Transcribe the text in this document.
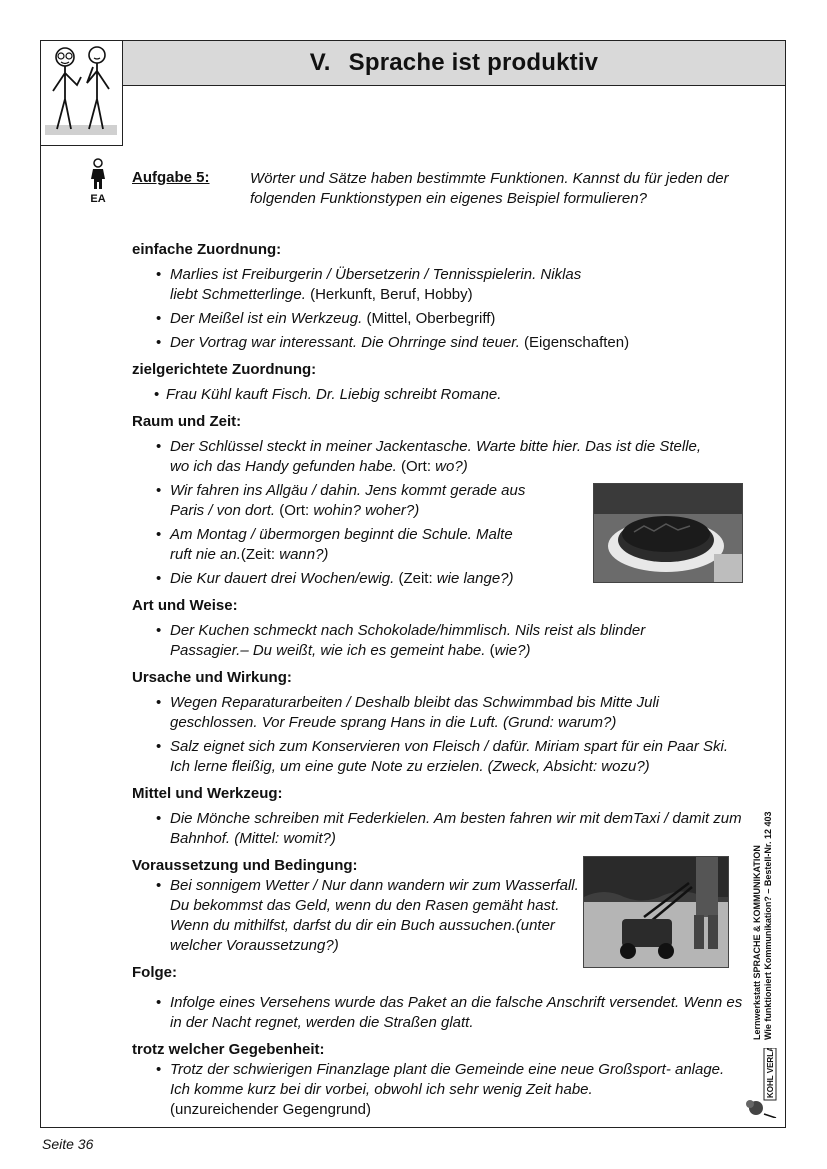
V. Sprache ist produktiv
EA
Aufgabe 5:	Wörter und Sätze haben bestimmte Funktionen. Kannst du für jeden der folgenden Funktionstypen ein eigenes Beispiel formulieren?
einfache Zuordnung:
• Marlies ist Freiburgerin / Übersetzerin / Tennisspielerin. Niklas liebt Schmetterlinge. (Herkunft, Beruf, Hobby)
• Der Meißel ist ein Werkzeug. (Mittel, Oberbegriff)
• Der Vortrag war interessant. Die Ohrringe sind teuer. (Eigenschaften)
zielgerichtete Zuordnung:
• Frau Kühl kauft Fisch. Dr. Liebig schreibt Romane.
Raum und Zeit:
• Der Schlüssel steckt in meiner Jackentasche. Warte bitte hier. Das ist die Stelle, wo ich das Handy gefunden habe. (Ort: wo?)
• Wir fahren ins Allgäu / dahin. Jens kommt gerade aus Paris / von dort. (Ort: wohin? woher?)
• Am Montag / übermorgen beginnt die Schule. Malte ruft nie an.(Zeit: wann?)
• Die Kur dauert drei Wochen/ewig. (Zeit: wie lange?)
Art und Weise:
• Der Kuchen schmeckt nach Schokolade/himmlisch. Nils reist als blinder Passagier.– Du weißt, wie ich es gemeint habe. (wie?)
Ursache und Wirkung:
• Wegen Reparaturarbeiten / Deshalb bleibt das Schwimmbad bis Mitte Juli geschlossen. Vor Freude sprang Hans in die Luft. (Grund: warum?)
• Salz eignet sich zum Konservieren von Fleisch / dafür. Miriam spart für ein Paar Ski. Ich lerne fleißig, um eine gute Note zu erzielen. (Zweck, Absicht: wozu?)
Mittel und Werkzeug:
• Die Mönche schreiben mit Federkielen. Am besten fahren wir mit demTaxi / damit zum Bahnhof. (Mittel: womit?)
Voraussetzung und Bedingung:
• Bei sonnigem Wetter / Nur dann wandern wir zum Wasserfall. Du bekommst das Geld, wenn du den Rasen gemäht hast. Wenn du mithilfst, darfst du dir ein Buch aussuchen.(unter welcher Voraussetzung?)
Folge:
• Infolge eines Versehens wurde das Paket an die falsche Anschrift versendet. Wenn es in der Nacht regnet, werden die Straßen glatt.
trotz welcher Gegebenheit:
• Trotz der schwierigen Finanzlage plant die Gemeinde eine neue Großsport- anlage. Ich komme kurz bei dir vorbei, obwohl ich sehr wenig Zeit habe.
(unzureichender Gegengrund)
Lernwerkstatt SPRACHE & KOMMUNIKATION Wie funktioniert Kommunikation? – Bestell-Nr. 12 403
KOHL VERLAG
Seite 36
